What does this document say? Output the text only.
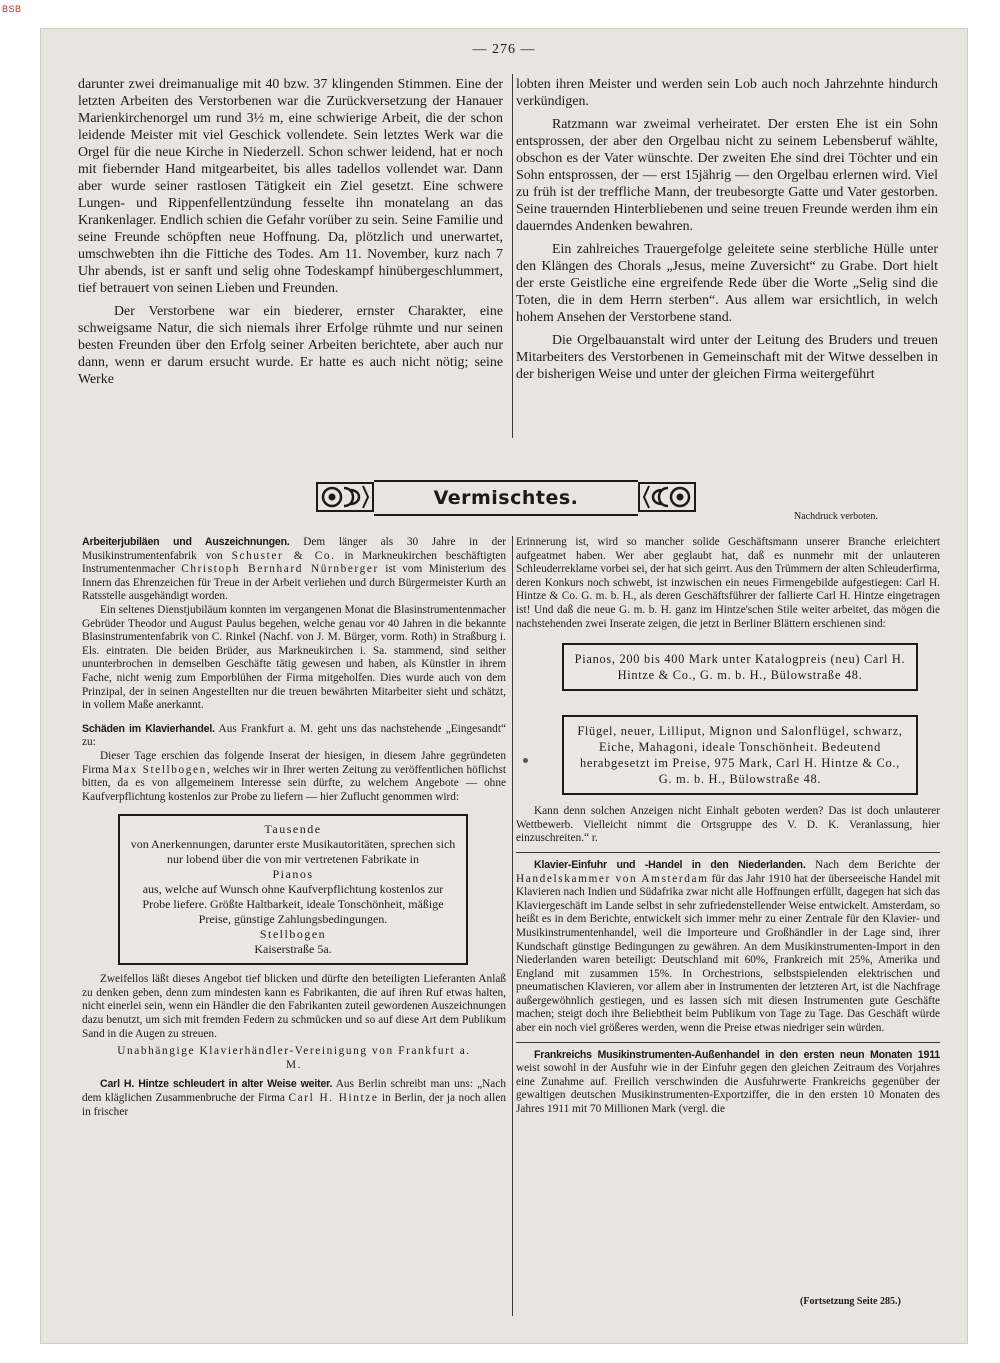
BSB
— 276 —

darunter zwei dreimanualige mit 40 bzw. 37 klingenden Stimmen. Eine der letzten Arbeiten des Verstorbenen war die Zurückversetzung der Hanauer Marienkirchenorgel um rund 3½ m, eine schwierige Arbeit, die der schon leidende Meister mit viel Geschick vollendete. Sein letztes Werk war die Orgel für die neue Kirche in Niederzell. Schon schwer leidend, hat er noch mit fiebernder Hand mitgearbeitet, bis alles tadellos vollendet war. Dann aber wurde seiner rastlosen Tätigkeit ein Ziel gesetzt. Eine schwere Lungen- und Rippenfellentzündung fesselte ihn monatelang an das Krankenlager. Endlich schien die Gefahr vorüber zu sein. Seine Familie und seine Freunde schöpften neue Hoffnung. Da, plötzlich und unerwartet, umschwebten ihn die Fittiche des Todes. Am 11. November, kurz nach 7 Uhr abends, ist er sanft und selig ohne Todeskampf hinübergeschlummert, tief betrauert von seinen Lieben und Freunden.

Der Verstorbene war ein biederer, ernster Charakter, eine schweigsame Natur, die sich niemals ihrer Erfolge rühmte und nur seinen besten Freunden über den Erfolg seiner Arbeiten berichtete, aber auch nur dann, wenn er darum ersucht wurde. Er hatte es auch nicht nötig; seine Werke

lobten ihren Meister und werden sein Lob auch noch Jahrzehnte hindurch verkündigen.

Ratzmann war zweimal verheiratet. Der ersten Ehe ist ein Sohn entsprossen, der aber den Orgelbau nicht zu seinem Lebensberuf wählte, obschon es der Vater wünschte. Der zweiten Ehe sind drei Töchter und ein Sohn entsprossen, der — erst 15jährig — den Orgelbau erlernen wird. Viel zu früh ist der treffliche Mann, der treubesorgte Gatte und Vater gestorben. Seine trauernden Hinterbliebenen und seine treuen Freunde werden ihm ein dauerndes Andenken bewahren.

Ein zahlreiches Trauergefolge geleitete seine sterbliche Hülle unter den Klängen des Chorals „Jesus, meine Zuversicht“ zu Grabe. Dort hielt der erste Geistliche eine ergreifende Rede über die Worte „Selig sind die Toten, die in dem Herrn sterben“. Aus allem war ersichtlich, in welch hohem Ansehen der Verstorbene stand.

Die Orgelbauanstalt wird unter der Leitung des Bruders und treuen Mitarbeiters des Verstorbenen in Gemeinschaft mit der Witwe desselben in der bisherigen Weise und unter der gleichen Firma weitergeführt

Vermischtes.
Nachdruck verboten.

Arbeiterjubiläen und Auszeichnungen. Dem länger als 30 Jahre in der Musikinstrumentenfabrik von Schuster & Co. in Markneukirchen beschäftigten Instrumentenmacher Christoph Bernhard Nürnberger ist vom Ministerium des Innern das Ehrenzeichen für Treue in der Arbeit verliehen und durch Bürgermeister Kurth an Ratsstelle ausgehändigt worden.

Ein seltenes Dienstjubiläum konnten im vergangenen Monat die Blasinstrumentenmacher Gebrüder Theodor und August Paulus begehen, welche genau vor 40 Jahren in die bekannte Blasinstrumentenfabrik von C. Rinkel (Nachf. von J. M. Bürger, vorm. Roth) in Straßburg i. Els. eintraten. Die beiden Brüder, aus Markneukirchen i. Sa. stammend, sind seither ununterbrochen in demselben Geschäfte tätig gewesen und haben, als Künstler in ihrem Fache, nicht wenig zum Emporblühen der Firma mitgeholfen. Dies wurde auch von dem Prinzipal, der in seinen Angestellten nur die treuen bewährten Mitarbeiter sieht und schätzt, in vollem Maße anerkannt.

Schäden im Klavierhandel. Aus Frankfurt a. M. geht uns das nachstehende „Eingesandt“ zu:

Dieser Tage erschien das folgende Inserat der hiesigen, in diesem Jahre gegründeten Firma Max Stellbogen, welches wir in Ihrer werten Zeitung zu veröffentlichen höflichst bitten, da es von allgemeinem Interesse sein dürfte, zu welchem Angebote — ohne Kaufverpflichtung kostenlos zur Probe zu liefern — hier Zuflucht genommen wird:

Tausende
von Anerkennungen, darunter erste Musikautoritäten, sprechen sich nur lobend über die von mir vertretenen Fabrikate in
Pianos
aus, welche auf Wunsch ohne Kaufverpflichtung kostenlos zur Probe liefere. Größte Haltbarkeit, ideale Tonschönheit, mäßige Preise, günstige Zahlungsbedingungen.
Stellbogen
Kaiserstraße 5a.

Zweifellos läßt dieses Angebot tief blicken und dürfte den beteiligten Lieferanten Anlaß zu denken geben, denn zum mindesten kann es Fabrikanten, die auf ihren Ruf etwas halten, nicht einerlei sein, wenn ein Händler die den Fabrikanten zuteil gewordenen Auszeichnungen dazu benutzt, um sich mit fremden Federn zu schmücken und so auf diese Art dem Publikum Sand in die Augen zu streuen.

Unabhängige Klavierhändler-Vereinigung von Frankfurt a. M.

Carl H. Hintze schleudert in alter Weise weiter. Aus Berlin schreibt man uns: „Nach dem kläglichen Zusammenbruche der Firma Carl H. Hintze in Berlin, der ja noch allen in frischer

Erinnerung ist, wird so mancher solide Geschäftsmann unserer Branche erleichtert aufgeatmet haben. Wer aber geglaubt hat, daß es nunmehr mit der unlauteren Schleuderreklame vorbei sei, der hat sich geirrt. Aus den Trümmern der alten Schleuderfirma, deren Konkurs noch schwebt, ist inzwischen ein neues Firmengebilde aufgestiegen: Carl H. Hintze & Co. G. m. b. H., als deren Geschäftsführer der fallierte Carl H. Hintze eingetragen ist! Und daß die neue G. m. b. H. ganz im Hintze'schen Stile weiter arbeitet, das mögen die nachstehenden zwei Inserate zeigen, die jetzt in Berliner Blättern erschienen sind:

Pianos, 200 bis 400 Mark unter Katalogpreis (neu) Carl H. Hintze & Co., G. m. b. H., Bülowstraße 48.
Flügel, neuer, Lilliput, Mignon und Salonflügel, schwarz, Eiche, Mahagoni, ideale Tonschönheit. Bedeutend herabgesetzt im Preise, 975 Mark, Carl H. Hintze & Co., G. m. b. H., Bülowstraße 48.

Kann denn solchen Anzeigen nicht Einhalt geboten werden? Das ist doch unlauterer Wettbewerb. Vielleicht nimmt die Ortsgruppe des V. D. K. Veranlassung, hier einzuschreiten.“ r.

Klavier-Einfuhr und -Handel in den Niederlanden. Nach dem Berichte der Handelskammer von Amsterdam für das Jahr 1910 hat der überseeische Handel mit Klavieren nach Indien und Südafrika zwar nicht alle Hoffnungen erfüllt, dagegen hat sich das Klaviergeschäft im Lande selbst in sehr zufriedenstellender Weise entwickelt. Amsterdam, so heißt es in dem Berichte, entwickelt sich immer mehr zu einer Zentrale für den Klavier- und Musikinstrumentenhandel, weil die Importeure und Großhändler in der Lage sind, ihrer Kundschaft günstige Bedingungen zu gewähren. An dem Musikinstrumenten-Import in den Niederlanden waren beteiligt: Deutschland mit 60%, Frankreich mit 25%, Amerika und England mit zusammen 15%. In Orchestrions, selbstspielenden elektrischen und pneumatischen Klavieren, vor allem aber in Instrumenten der letzteren Art, ist die Nachfrage außergewöhnlich gestiegen, und es lassen sich mit diesen Instrumenten gute Geschäfte machen; steigt doch ihre Beliebtheit beim Publikum von Tage zu Tage. Das Geschäft würde aber ein noch viel größeres werden, wenn die Preise etwas niedriger sein würden.

Frankreichs Musikinstrumenten-Außenhandel in den ersten neun Monaten 1911 weist sowohl in der Ausfuhr wie in der Einfuhr gegen den gleichen Zeitraum des Vorjahres eine Zunahme auf. Freilich verschwinden die Ausfuhrwerte Frankreichs gegenüber der gewaltigen deutschen Musikinstrumenten-Exportziffer, die in den ersten 10 Monaten des Jahres 1911 mit 70 Millionen Mark (vergl. die

(Fortsetzung Seite 285.)
